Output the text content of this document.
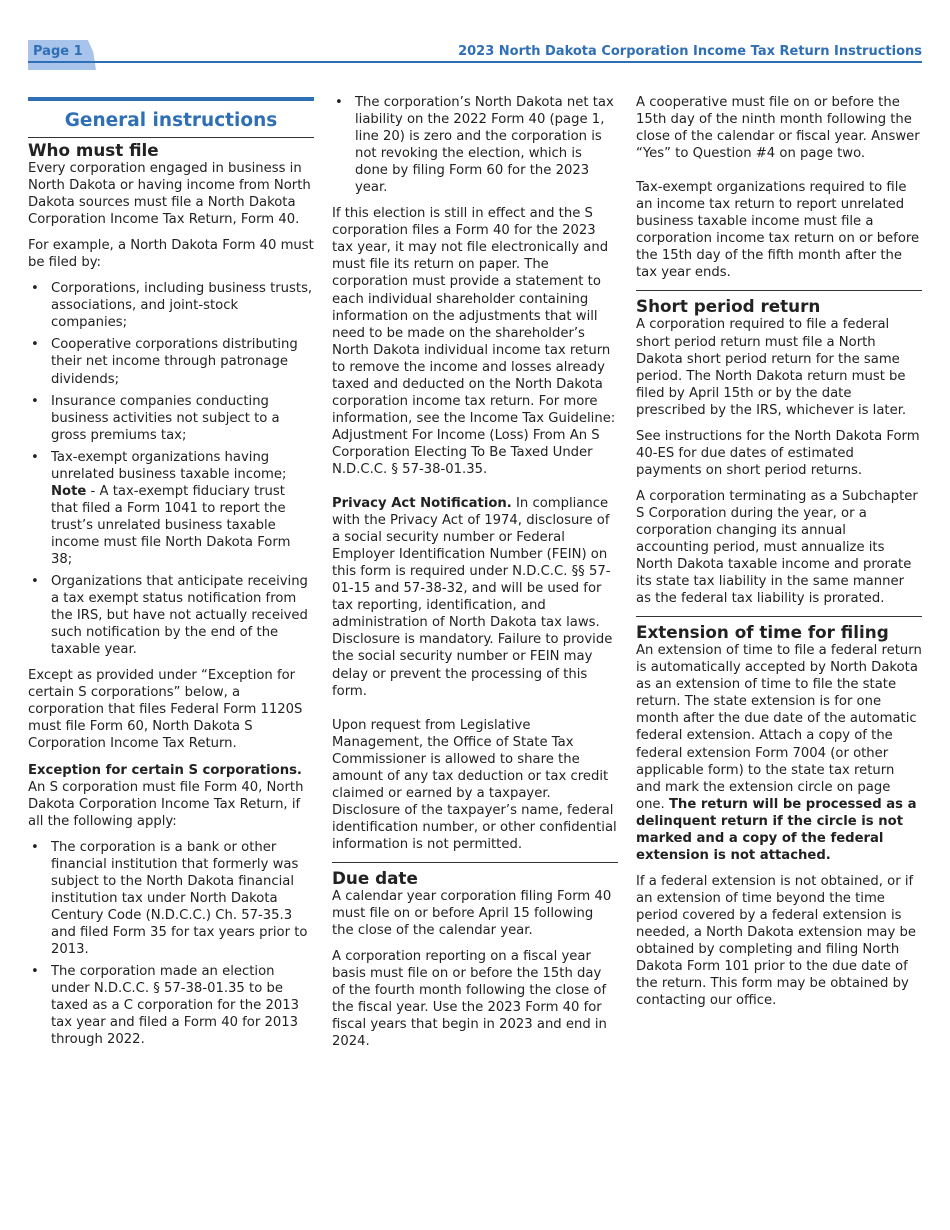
Page 1	2023 North Dakota Corporation Income Tax Return Instructions
General instructions
Who must file

Every corporation engaged in business in North Dakota or having income from North Dakota sources must file a North Dakota Corporation Income Tax Return, Form 40.

For example, a North Dakota Form 40 must be filed by:

• Corporations, including business trusts, associations, and joint-stock companies;
• Cooperative corporations distributing their net income through patronage dividends;
• Insurance companies conducting business activities not subject to a gross premiums tax;
• Tax-exempt organizations having unrelated business taxable income; Note - A tax-exempt fiduciary trust that filed a Form 1041 to report the trust’s unrelated business taxable income must file North Dakota Form 38;
• Organizations that anticipate receiving a tax exempt status notification from the IRS, but have not actually received such notification by the end of the taxable year.

Except as provided under “Exception for certain S corporations” below, a corporation that files Federal Form 1120S must file Form 60, North Dakota S Corporation Income Tax Return.

Exception for certain S corporations. An S corporation must file Form 40, North Dakota Corporation Income Tax Return, if all the following apply:

• The corporation is a bank or other financial institution that formerly was subject to the North Dakota financial institution tax under North Dakota Century Code (N.D.C.C.) Ch. 57-35.3 and filed Form 35 for tax years prior to 2013.
• The corporation made an election under N.D.C.C. § 57-38-01.35 to be taxed as a C corporation for the 2013 tax year and filed a Form 40 for 2013 through 2022.
• The corporation’s North Dakota net tax liability on the 2022 Form 40 (page 1, line 20) is zero and the corporation is not revoking the election, which is done by filing Form 60 for the 2023 year.

If this election is still in effect and the S corporation files a Form 40 for the 2023 tax year, it may not file electronically and must file its return on paper. The corporation must provide a statement to each individual shareholder containing information on the adjustments that will need to be made on the shareholder’s North Dakota individual income tax return to remove the income and losses already taxed and deducted on the North Dakota corporation income tax return. For more information, see the Income Tax Guideline: Adjustment For Income (Loss) From An S Corporation Electing To Be Taxed Under N.D.C.C. § 57-38-01.35.

Privacy Act Notification. In compliance with the Privacy Act of 1974, disclosure of a social security number or Federal Employer Identification Number (FEIN) on this form is required under N.D.C.C. §§ 57-01-15 and 57-38-32, and will be used for tax reporting, identification, and administration of North Dakota tax laws. Disclosure is mandatory. Failure to provide the social security number or FEIN may delay or prevent the processing of this form.

Upon request from Legislative Management, the Office of State Tax Commissioner is allowed to share the amount of any tax deduction or tax credit claimed or earned by a taxpayer. Disclosure of the taxpayer’s name, federal identification number, or other confidential information is not permitted.

Due date

A calendar year corporation filing Form 40 must file on or before April 15 following the close of the calendar year.

A corporation reporting on a fiscal year basis must file on or before the 15th day of the fourth month following the close of the fiscal year. Use the 2023 Form 40 for fiscal years that begin in 2023 and end in 2024.

A cooperative must file on or before the 15th day of the ninth month following the close of the calendar or fiscal year. Answer “Yes” to Question #4 on page two.

Tax-exempt organizations required to file an income tax return to report unrelated business taxable income must file a corporation income tax return on or before the 15th day of the fifth month after the tax year ends.

Short period return

A corporation required to file a federal short period return must file a North Dakota short period return for the same period. The North Dakota return must be filed by April 15th or by the date prescribed by the IRS, whichever is later.

See instructions for the North Dakota Form 40-ES for due dates of estimated payments on short period returns.

A corporation terminating as a Subchapter S Corporation during the year, or a corporation changing its annual accounting period, must annualize its North Dakota taxable income and prorate its state tax liability in the same manner as the federal tax liability is prorated.

Extension of time for filing

An extension of time to file a federal return is automatically accepted by North Dakota as an extension of time to file the state return. The state extension is for one month after the due date of the automatic federal extension. Attach a copy of the federal extension Form 7004 (or other applicable form) to the state tax return and mark the extension circle on page one. The return will be processed as a delinquent return if the circle is not marked and a copy of the federal extension is not attached.

If a federal extension is not obtained, or if an extension of time beyond the time period covered by a federal extension is needed, a North Dakota extension may be obtained by completing and filing North Dakota Form 101 prior to the due date of the return. This form may be obtained by contacting our office.
